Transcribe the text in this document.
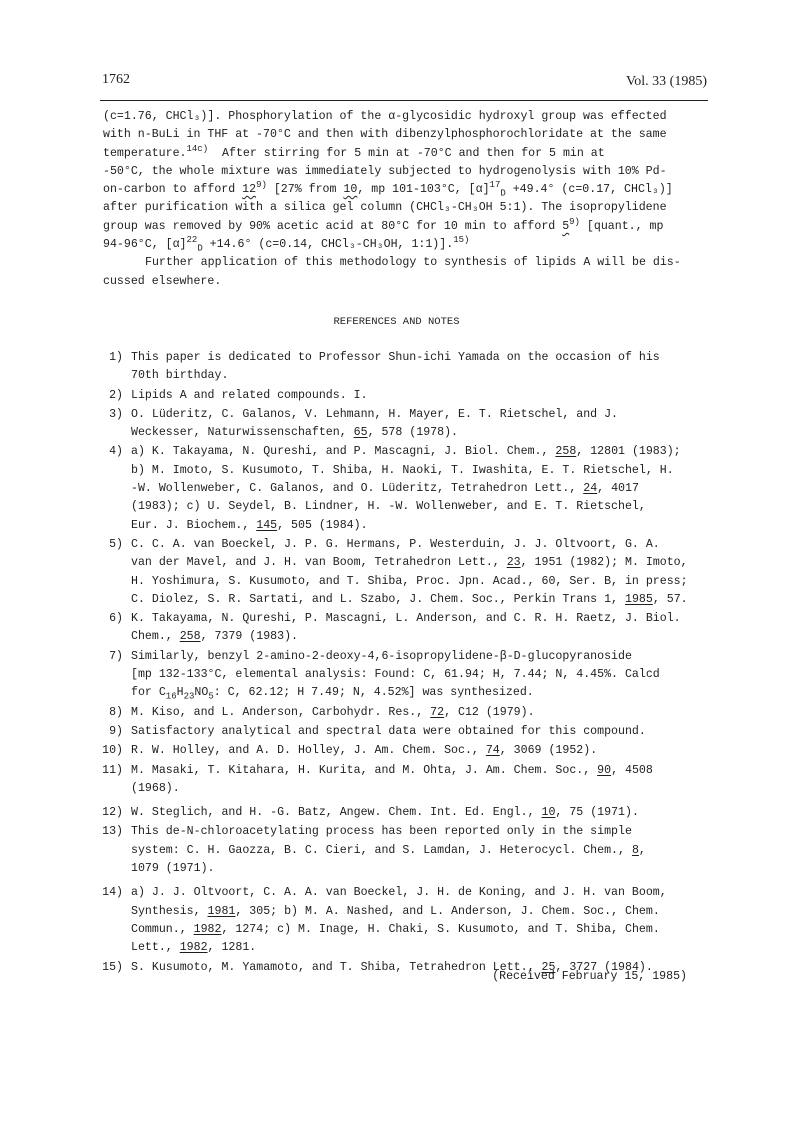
1762	Vol. 33 (1985)

(c=1.76, CHCl₃)]. Phosphorylation of the α-glycosidic hydroxyl group was effected
with n-BuLi in THF at -70°C and then with dibenzylphosphorochloridate at the same
temperature.$^{14c)}$ After stirring for 5 min at -70°C and then for 5 min at
-50°C, the whole mixture was immediately subjected to hydrogenolysis with 10% Pd-
on-carbon to afford 12$^{9)}$ [27% from 10, mp 101-103°C, $[\alpha]^{17}_D +49.4^\circ$ (c=0.17, CHCl₃)]
after purification with a silica gel column (CHCl₃-CH₃OH 5:1). The isopropylidene
group was removed by 90% acetic acid at 80°C for 10 min to afford 5$^{9)}$ [quant., mp
94-96°C, $[\alpha]^{22}_D +14.6^\circ$ (c=0.14, CHCl₃-CH₃OH, 1:1)].$^{15)}$

Further application of this methodology to synthesis of lipids A will be dis-
cussed elsewhere.

REFERENCES AND NOTES
1) This paper is dedicated to Professor Shun-ichi Yamada on the occasion of his
70th birthday.
2) Lipids A and related compounds. I.
3) O. Lüderitz, C. Galanos, V. Lehmann, H. Mayer, E. T. Rietschel, and J.
Weckesser, Naturwissenschaften, 65, 578 (1978).
4) a) K. Takayama, N. Qureshi, and P. Mascagni, J. Biol. Chem., 258, 12801 (1983);
b) M. Imoto, S. Kusumoto, T. Shiba, H. Naoki, T. Iwashita, E. T. Rietschel, H.
-W. Wollenweber, C. Galanos, and O. Lüderitz, Tetrahedron Lett., 24, 4017
(1983); c) U. Seydel, B. Lindner, H. -W. Wollenweber, and E. T. Rietschel,
Eur. J. Biochem., 145, 505 (1984).
5) C. C. A. van Boeckel, J. P. G. Hermans, P. Westerduin, J. J. Oltvoort, G. A.
van der Mavel, and J. H. van Boom, Tetrahedron Lett., 23, 1951 (1982); M. Imoto,
H. Yoshimura, S. Kusumoto, and T. Shiba, Proc. Jpn. Acad., 60, Ser. B, in press;
C. Diolez, S. R. Sartati, and L. Szabo, J. Chem. Soc., Perkin Trans 1, 1985, 57.
6) K. Takayama, N. Qureshi, P. Mascagni, L. Anderson, and C. R. H. Raetz, J. Biol.
Chem., 258, 7379 (1983).
7) Similarly, benzyl 2-amino-2-deoxy-4,6-isopropylidene-β-D-glucopyranoside
[mp 132-133°C, elemental analysis: Found: C, 61.94; H, 7.44; N, 4.45%. Calcd
for $C_{16}H_{23}NO_5$: C, 62.12; H 7.49; N, 4.52%] was synthesized.
8) M. Kiso, and L. Anderson, Carbohydr. Res., 72, C12 (1979).
9) Satisfactory analytical and spectral data were obtained for this compound.
10) R. W. Holley, and A. D. Holley, J. Am. Chem. Soc., 74, 3069 (1952).
11) M. Masaki, T. Kitahara, H. Kurita, and M. Ohta, J. Am. Chem. Soc., 90, 4508
(1968).
12) W. Steglich, and H. -G. Batz, Angew. Chem. Int. Ed. Engl., 10, 75 (1971).
13) This de-N-chloroacetylating process has been reported only in the simple
system: C. H. Gaozza, B. C. Cieri, and S. Lamdan, J. Heterocycl. Chem., 8,
1079 (1971).
14) a) J. J. Oltvoort, C. A. A. van Boeckel, J. H. de Koning, and J. H. van Boom,
Synthesis, 1981, 305; b) M. A. Nashed, and L. Anderson, J. Chem. Soc., Chem.
Commun., 1982, 1274; c) M. Inage, H. Chaki, S. Kusumoto, and T. Shiba, Chem.
Lett., 1982, 1281.
15) S. Kusumoto, M. Yamamoto, and T. Shiba, Tetrahedron Lett., 25, 3727 (1984).
(Received February 15, 1985)
